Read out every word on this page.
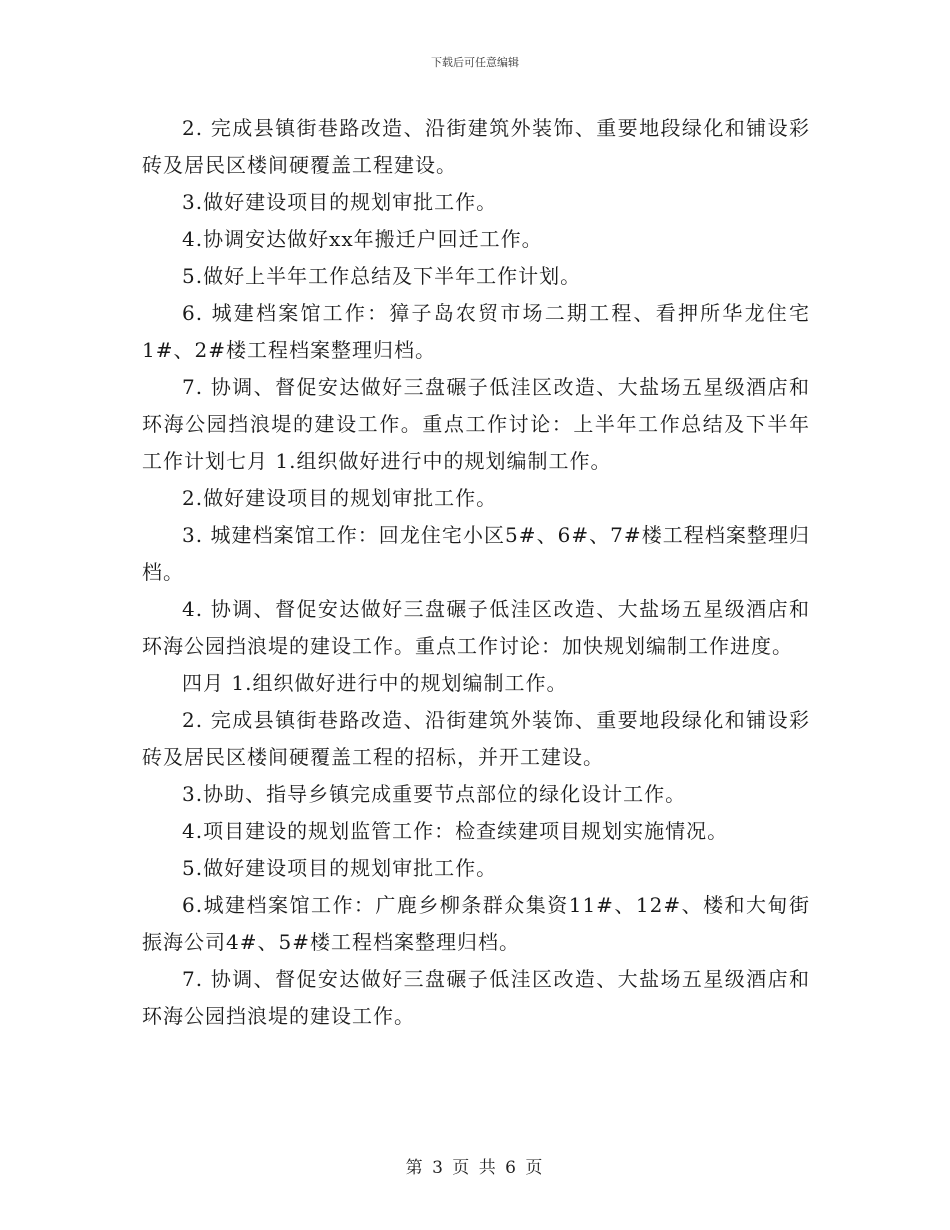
下载后可任意编辑

2. 完成县镇街巷路改造、沿街建筑外装饰、重要地段绿化和铺设彩砖及居民区楼间硬覆盖工程建设。

3.做好建设项目的规划审批工作。

4.协调安达做好xx年搬迁户回迁工作。

5.做好上半年工作总结及下半年工作计划。

6. 城建档案馆工作：獐子岛农贸市场二期工程、看押所华龙住宅1#、2#楼工程档案整理归档。

7. 协调、督促安达做好三盘碾子低洼区改造、大盐场五星级酒店和环海公园挡浪堤的建设工作。重点工作讨论：上半年工作总结及下半年工作计划七月 1.组织做好进行中的规划编制工作。

2.做好建设项目的规划审批工作。

3. 城建档案馆工作：回龙住宅小区5#、6#、7#楼工程档案整理归档。

4. 协调、督促安达做好三盘碾子低洼区改造、大盐场五星级酒店和环海公园挡浪堤的建设工作。重点工作讨论：加快规划编制工作进度。

四月 1.组织做好进行中的规划编制工作。

2. 完成县镇街巷路改造、沿街建筑外装饰、重要地段绿化和铺设彩砖及居民区楼间硬覆盖工程的招标，并开工建设。

3.协助、指导乡镇完成重要节点部位的绿化设计工作。

4.项目建设的规划监管工作：检查续建项目规划实施情况。

5.做好建设项目的规划审批工作。

6.城建档案馆工作：广鹿乡柳条群众集资11#、12#、楼和大甸街振海公司4#、5#楼工程档案整理归档。

7. 协调、督促安达做好三盘碾子低洼区改造、大盐场五星级酒店和环海公园挡浪堤的建设工作。

第 3 页 共 6 页
